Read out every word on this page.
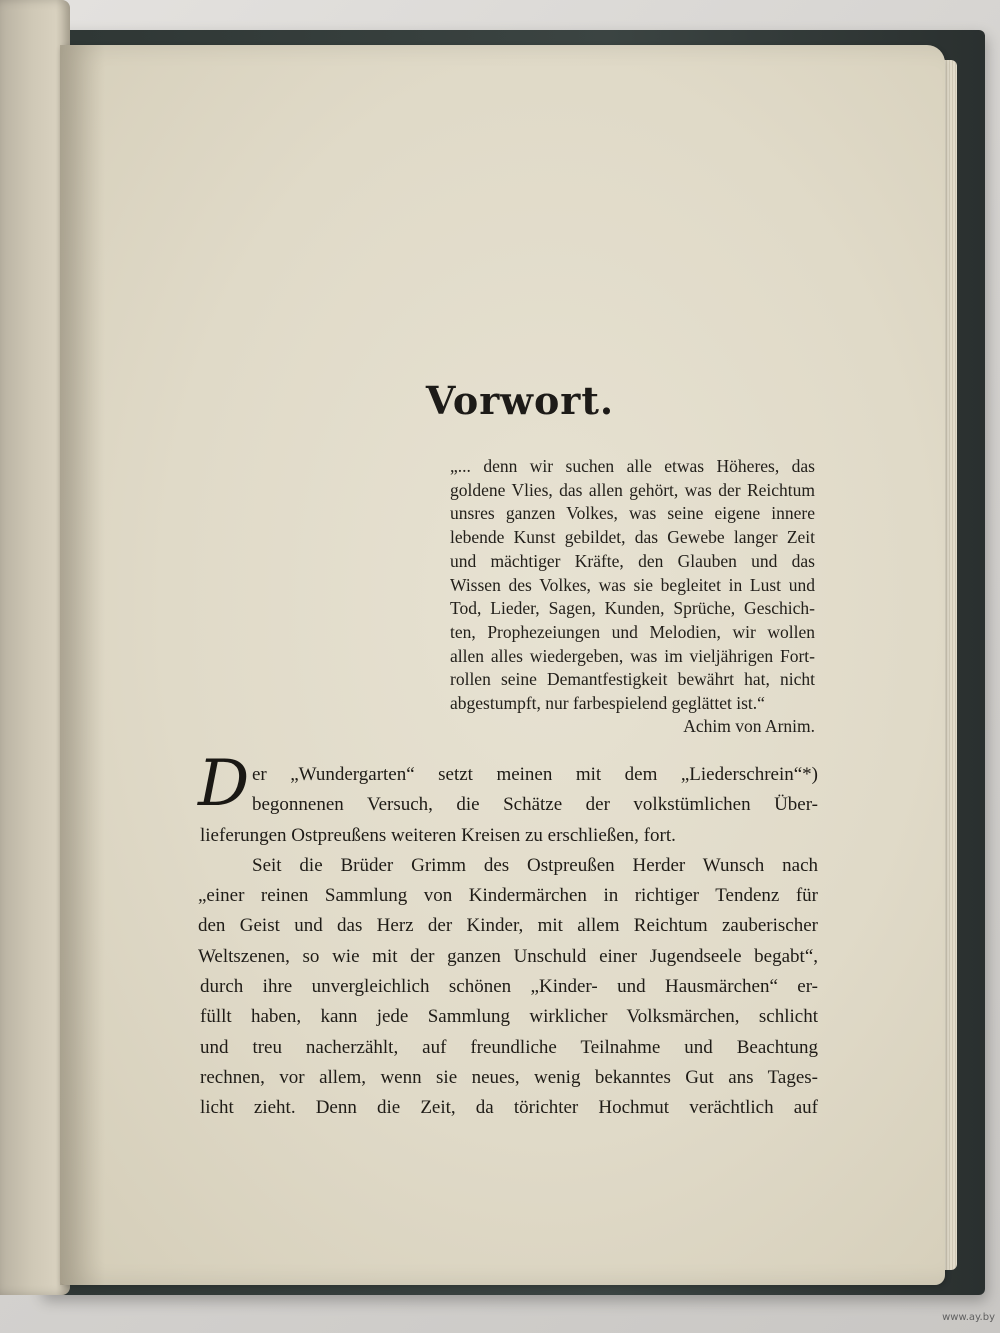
Vorwort.
„... denn wir suchen alle etwas Höheres, das
goldene Vlies, das allen gehört, was der Reichtum
unsres ganzen Volkes, was seine eigene innere
lebende Kunst gebildet, das Gewebe langer Zeit
und mächtiger Kräfte, den Glauben und das
Wissen des Volkes, was sie begleitet in Lust und
Tod, Lieder, Sagen, Kunden, Sprüche, Geschich-
ten, Prophezeiungen und Melodien, wir wollen
allen alles wiedergeben, was im vieljährigen Fort-
rollen seine Demantfestigkeit bewährt hat, nicht
abgestumpft, nur farbespielend geglättet ist.“
Achim von Arnim.
D er „Wundergarten“ setzt meinen mit dem „Liederschrein“*)
begonnenen Versuch, die Schätze der volkstümlichen Über-
lieferungen Ostpreußens weiteren Kreisen zu erschließen, fort.
Seit die Brüder Grimm des Ostpreußen Herder Wunsch nach
„einer reinen Sammlung von Kindermärchen in richtiger Tendenz für
den Geist und das Herz der Kinder, mit allem Reichtum zauberischer
Weltszenen, so wie mit der ganzen Unschuld einer Jugendseele begabt“,
durch ihre unvergleichlich schönen „Kinder- und Hausmärchen“ er-
füllt haben, kann jede Sammlung wirklicher Volksmärchen, schlicht
und treu nacherzählt, auf freundliche Teilnahme und Beachtung
rechnen, vor allem, wenn sie neues, wenig bekanntes Gut ans Tages-
licht zieht. Denn die Zeit, da törichter Hochmut verächtlich auf
www.ay.by
